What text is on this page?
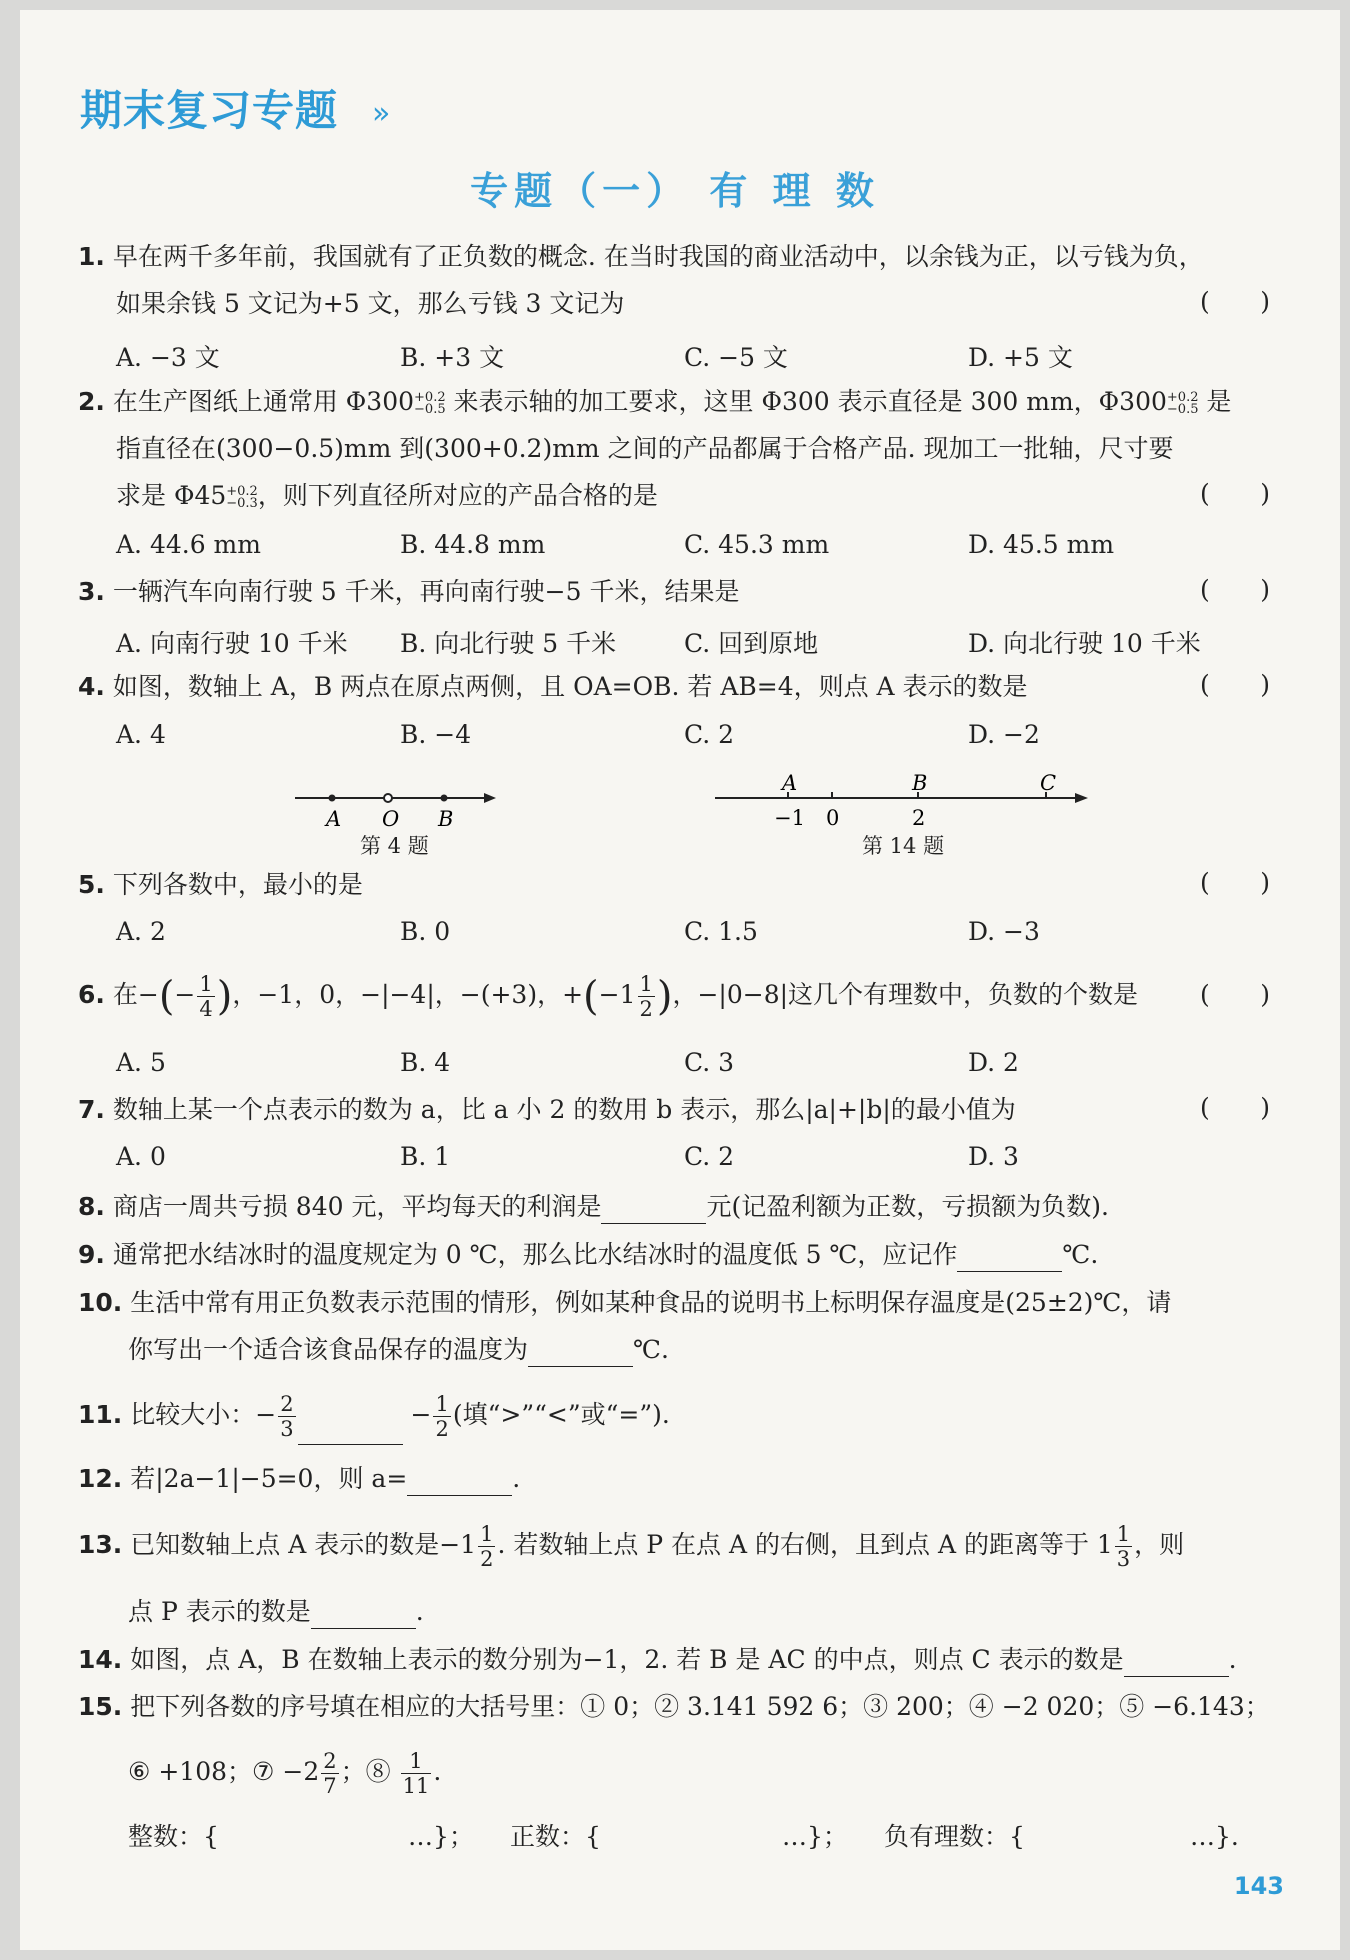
期末复习专题 »
专题（一） 有 理 数
1. 早在两千多年前，我国就有了正负数的概念. 在当时我国的商业活动中，以余钱为正，以亏钱为负，
如果余钱 5 文记为+5 文，那么亏钱 3 文记为	( )
A. −3 文	B. +3 文	C. −5 文	D. +5 文
2. 在生产图纸上通常用 Φ300+0.2
−0.5 来表示轴的加工要求，这里 Φ300 表示直径是 300 mm，Φ300+0.2
−0.5 是
指直径在(300−0.5)mm 到(300+0.2)mm 之间的产品都属于合格产品. 现加工一批轴，尺寸要
求是 Φ45+0.2
−0.3，则下列直径所对应的产品合格的是	( )
A. 44.6 mm	B. 44.8 mm	C. 45.3 mm	D. 45.5 mm
3. 一辆汽车向南行驶 5 千米，再向南行驶−5 千米，结果是	( )
A. 向南行驶 10 千米 B. 向北行驶 5 千米	C. 回到原地	D. 向北行驶 10 千米
4. 如图，数轴上 A，B 两点在原点两侧，且 OA=OB. 若 AB=4，则点 A 表示的数是	( )
A. 4	B. −4	C. 2	D. −2
A O B
第 4 题
A	B	C
−1 0	2
第 14 题
5. 下列各数中，最小的是	( )
A. 2	B. 0	C. 1.5	D. −3
6. 在−(− $\frac{1}{4}$ )，−1，0，−|−4|，−(+3)，$+(-1 \frac{1}{2}$ )，−|0−8|这几个有理数中，负数的个数是 ( )
A. 5	B. 4	C. 3	D. 2
7. 数轴上某一个点表示的数为 a，比 a 小 2 的数用 b 表示，那么|a|+|b|的最小值为	( )
A. 0	B. 1	C. 2	D. 3
8. 商店一周共亏损 840 元，平均每天的利润是	元(记盈利额为正数，亏损额为负数).
9. 通常把水结冰时的温度规定为 0 ℃，那么比水结冰时的温度低 5 ℃，应记作	℃.
10. 生活中常有用正负数表示范围的情形，例如某种食品的说明书上标明保存温度是(25±2)℃，请
你写出一个适合该食品保存的温度为	℃.
11. 比较大小：− $\frac{2}{3}$	− $\frac{1}{2}$ (填“>”“<”或“=”).
12. 若|2a−1|−5=0，则 a=	.
13. 已知数轴上点 A 表示的数是$-1 \frac{1}{2}$ . 若数轴上点 P 在点 A 的右侧，且到点 A 的距离等于 $1 \frac{1}{3}$ ，则
点 P 表示的数是	.
14. 如图，点 A，B 在数轴上表示的数分别为−1，2. 若 B 是 AC 的中点，则点 C 表示的数是	.
15. 把下列各数的序号填在相应的大括号里：① 0；② 3.141 592 6；③ 200；④ −2 020；⑤ −6.143；
⑥ +108；⑦ $-2 \frac{2}{7}$ ；⑧ $\frac{1}{11}$ .
整数：{	…}； 正数：{	…}； 负有理数：{	…}.
143
